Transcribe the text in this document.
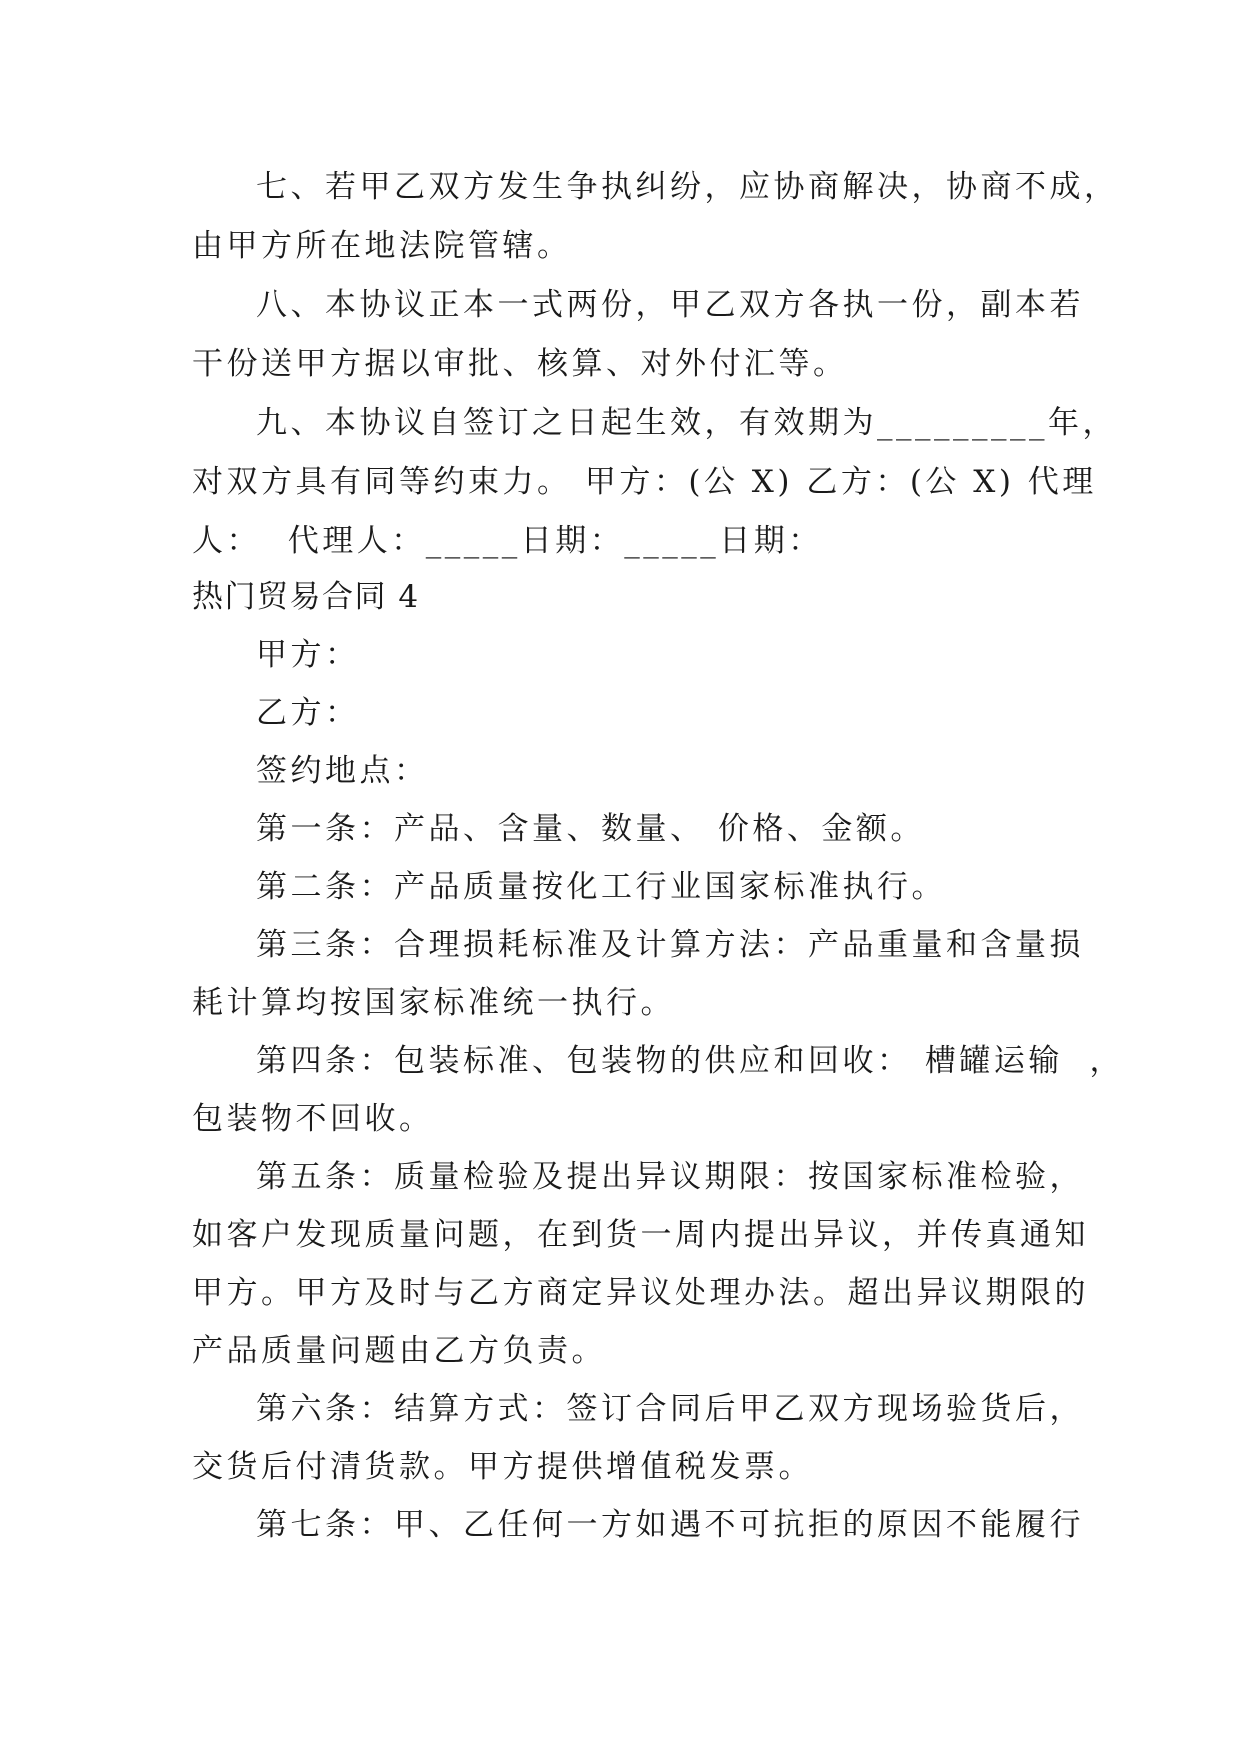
七、若甲乙双方发生争执纠纷，应协商解决，协商不成，
由甲方所在地法院管辖。
八、本协议正本一式两份，甲乙双方各执一份，副本若
干份送甲方据以审批、核算、对外付汇等。
九、本协议自签订之日起生效，有效期为_________年，
对双方具有同等约束力。 甲方：(公 X) 乙方：(公 X) 代理
人：  代理人：_____日期：_____日期：
热门贸易合同 4
甲方：
乙方：
签约地点：
第一条：产品、含量、数量、 价格、金额。
第二条：产品质量按化工行业国家标准执行。
第三条：合理损耗标准及计算方法：产品重量和含量损
耗计算均按国家标准统一执行。
第四条：包装标准、包装物的供应和回收： 槽罐运输  ，
包装物不回收。
第五条：质量检验及提出异议期限：按国家标准检验，
如客户发现质量问题，在到货一周内提出异议，并传真通知
甲方。甲方及时与乙方商定异议处理办法。超出异议期限的
产品质量问题由乙方负责。
第六条：结算方式：签订合同后甲乙双方现场验货后，
交货后付清货款。甲方提供增值税发票。
第七条：甲、乙任何一方如遇不可抗拒的原因不能履行
